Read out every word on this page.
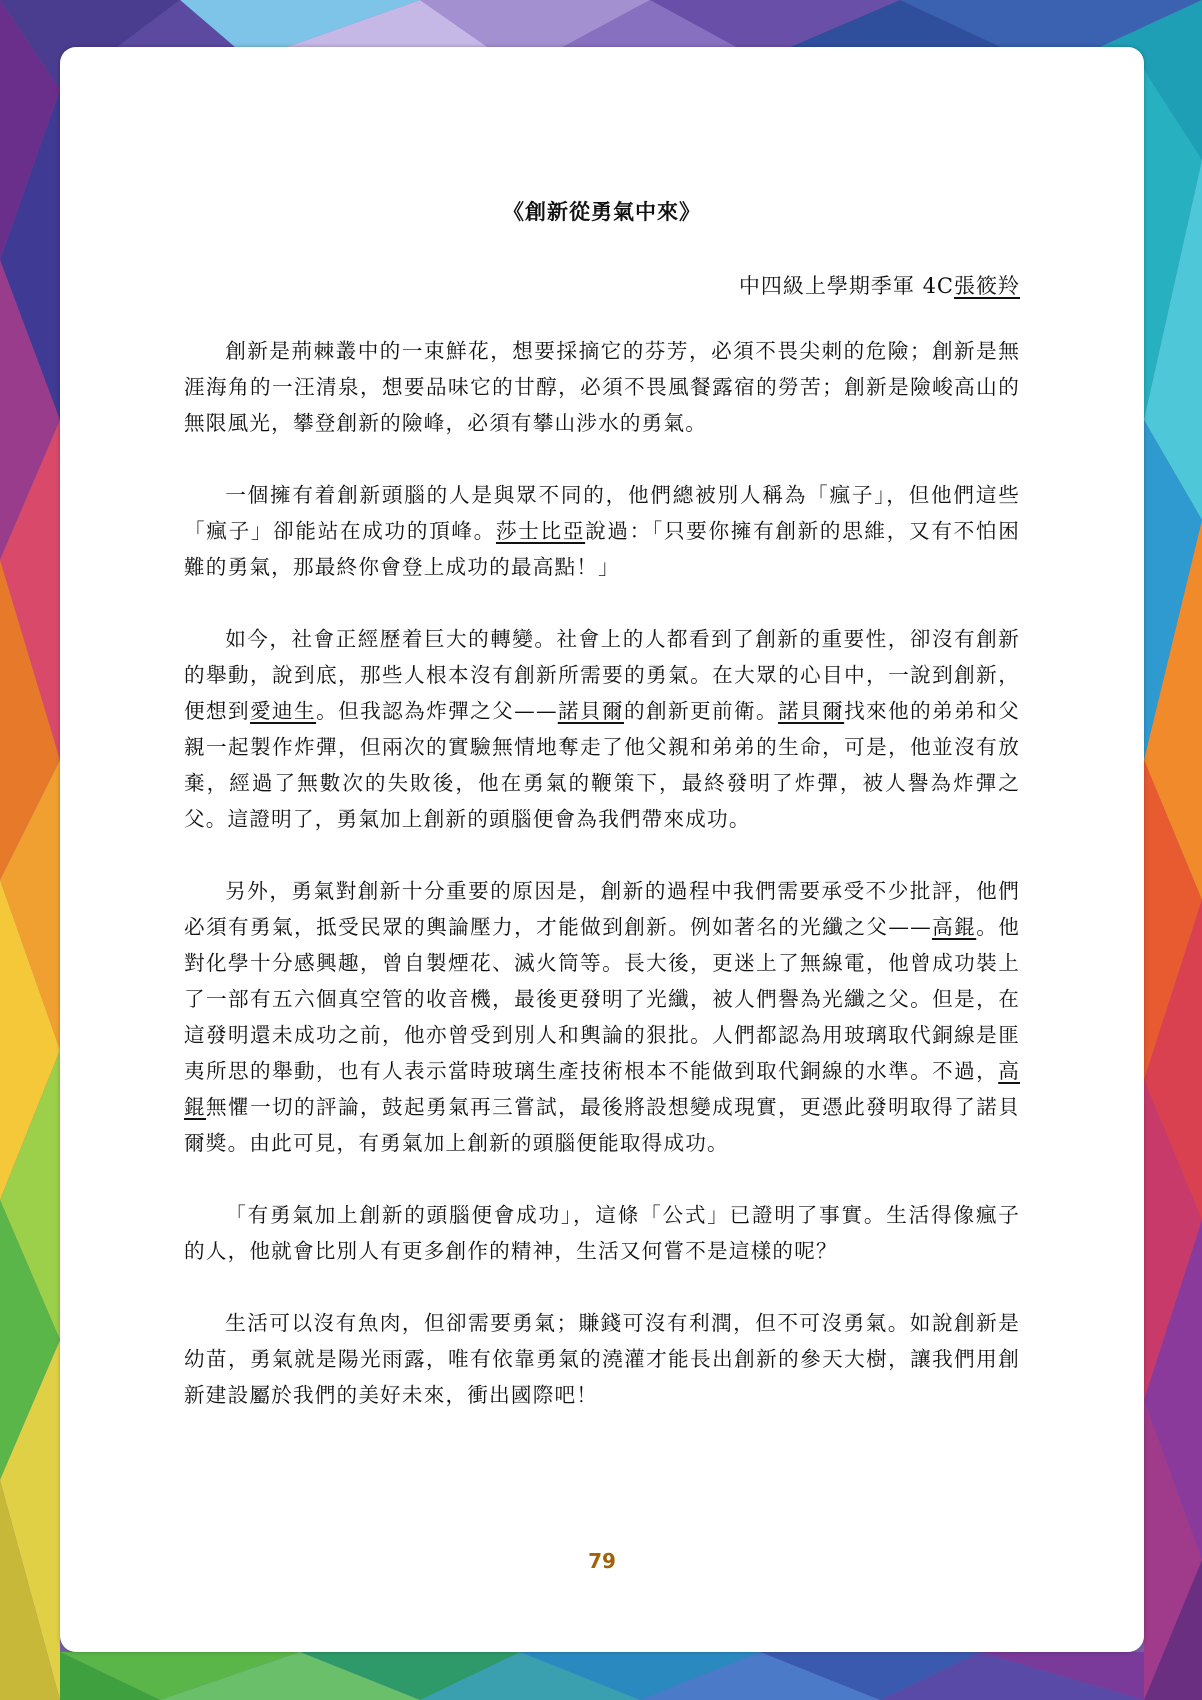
《創新從勇氣中來》
中四級上學期季軍 4C張筱羚

創新是荊棘叢中的一束鮮花，想要採摘它的芬芳，必須不畏尖刺的危險；創新是無涯海角的一汪清泉，想要品味它的甘醇，必須不畏風餐露宿的勞苦；創新是險峻高山的無限風光，攀登創新的險峰，必須有攀山涉水的勇氣。

一個擁有着創新頭腦的人是與眾不同的，他們總被別人稱為「瘋子」，但他們這些「瘋子」卻能站在成功的頂峰。莎士比亞說過：「只要你擁有創新的思維，又有不怕困難的勇氣，那最終你會登上成功的最高點！」

如今，社會正經歷着巨大的轉變。社會上的人都看到了創新的重要性，卻沒有創新的舉動，說到底，那些人根本沒有創新所需要的勇氣。在大眾的心目中，一說到創新，便想到愛迪生。但我認為炸彈之父——諾貝爾的創新更前衛。諾貝爾找來他的弟弟和父親一起製作炸彈，但兩次的實驗無情地奪走了他父親和弟弟的生命，可是，他並沒有放棄，經過了無數次的失敗後，他在勇氣的鞭策下，最終發明了炸彈，被人譽為炸彈之父。這證明了，勇氣加上創新的頭腦便會為我們帶來成功。

另外，勇氣對創新十分重要的原因是，創新的過程中我們需要承受不少批評，他們必須有勇氣，抵受民眾的輿論壓力，才能做到創新。例如著名的光纖之父——高錕。他對化學十分感興趣，曾自製煙花、滅火筒等。長大後，更迷上了無線電，他曾成功裝上了一部有五六個真空管的收音機，最後更發明了光纖，被人們譽為光纖之父。但是，在這發明還未成功之前，他亦曾受到別人和輿論的狠批。人們都認為用玻璃取代銅線是匪夷所思的舉動，也有人表示當時玻璃生產技術根本不能做到取代銅線的水準。不過，高錕無懼一切的評論，鼓起勇氣再三嘗試，最後將設想變成現實，更憑此發明取得了諾貝爾獎。由此可見，有勇氣加上創新的頭腦便能取得成功。

「有勇氣加上創新的頭腦便會成功」，這條「公式」已證明了事實。生活得像瘋子的人，他就會比別人有更多創作的精神，生活又何嘗不是這樣的呢？

生活可以沒有魚肉，但卻需要勇氣；賺錢可沒有利潤，但不可沒勇氣。如說創新是幼苗，勇氣就是陽光雨露，唯有依靠勇氣的澆灌才能長出創新的參天大樹，讓我們用創新建設屬於我們的美好未來，衝出國際吧！

79
